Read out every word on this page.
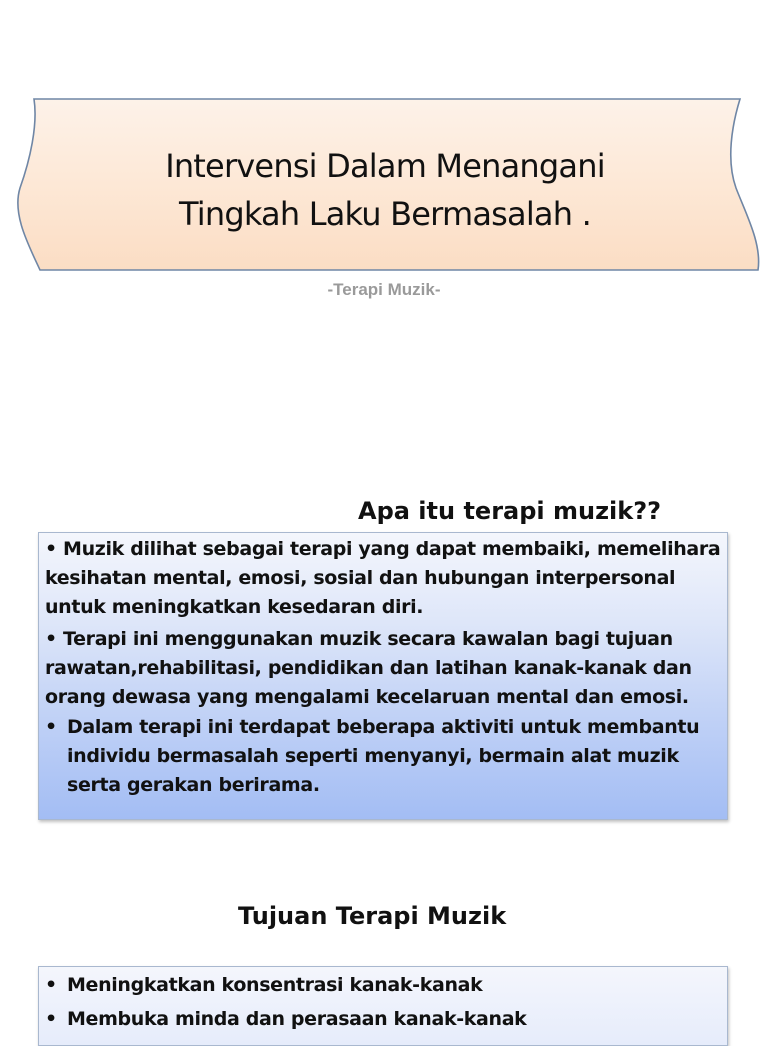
Intervensi Dalam Menangani
Tingkah Laku Bermasalah .
-Terapi Muzik-
Apa itu terapi muzik??

• Muzik dilihat sebagai terapi yang dapat membaiki, memelihara kesihatan mental, emosi, sosial dan hubungan interpersonal untuk meningkatkan kesedaran diri.

• Terapi ini menggunakan muzik secara kawalan bagi tujuan rawatan,rehabilitasi, pendidikan dan latihan kanak-kanak dan orang dewasa yang mengalami kecelaruan mental dan emosi.

• Dalam terapi ini terdapat beberapa aktiviti untuk membantu individu bermasalah seperti menyanyi, bermain alat muzik serta gerakan berirama.

Tujuan Terapi Muzik

• Meningkatkan konsentrasi kanak-kanak

• Membuka minda dan perasaan kanak-kanak
